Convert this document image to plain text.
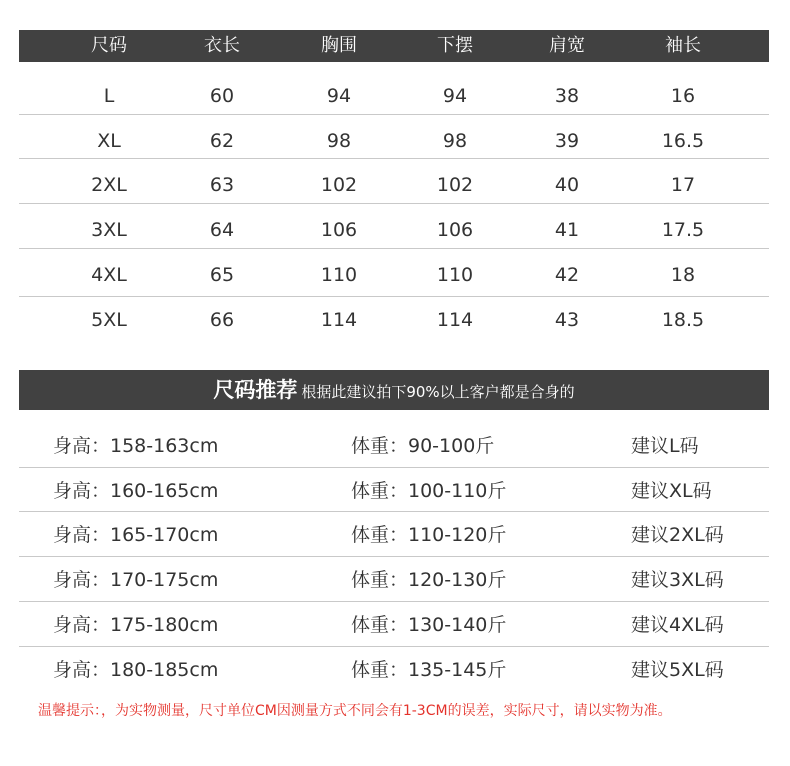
尺码	衣长	胸围	下摆	肩宽	袖长
L	60	94	94	38	16
XL	62	98	98	39	16.5
2XL	63	102	102	40	17
3XL	64	106	106	41	17.5
4XL	65	110	110	42	18
5XL	66	114	114	43	18.5
尺码推荐 根据此建议拍下90%以上客户都是合身的
身高：158-163cm	体重：90-100斤	建议L码
身高：160-165cm	体重：100-110斤	建议XL码
身高：165-170cm	体重：110-120斤	建议2XL码
身高：170-175cm	体重：120-130斤	建议3XL码
身高：175-180cm	体重：130-140斤	建议4XL码
身高：180-185cm	体重：135-145斤	建议5XL码
温馨提示：，为实物测量，尺寸单位CM因测量方式不同会有1-3CM的误差，实际尺寸，请以实物为准。
